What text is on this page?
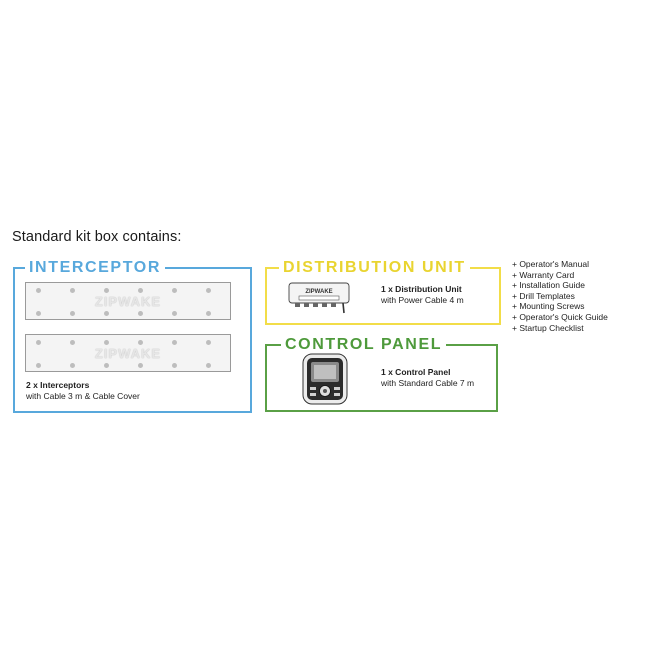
Standard kit box contains:
INTERCEPTOR
ZIPWAKE
ZIPWAKE
2 x Interceptors
with Cable 3 m & Cable Cover
DISTRIBUTION UNIT
ZIPWAKE	1 x Distribution Unit
with Power Cable 4 m
CONTROL PANEL
1 x Control Panel
with Standard Cable 7 m
+ Operator's Manual
+ Warranty Card
+ Installation Guide
+ Drill Templates
+ Mounting Screws
+ Operator's Quick Guide
+ Startup Checklist
